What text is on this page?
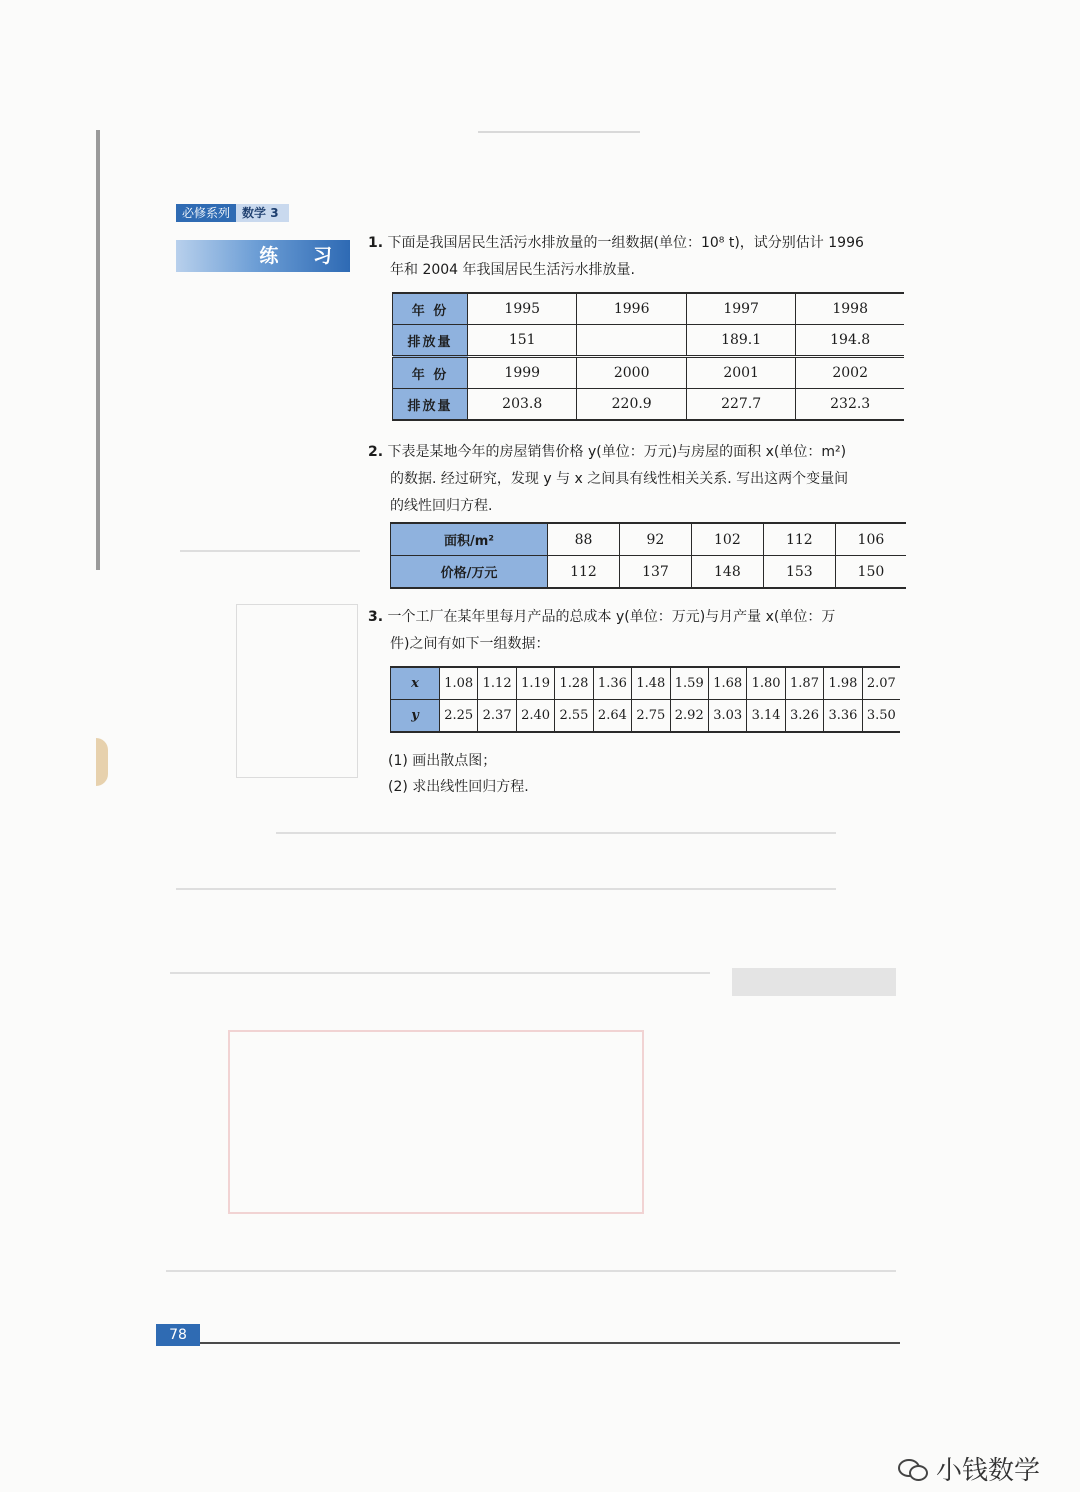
必修系列	数学 3
练 习
1. 下面是我国居民生活污水排放量的一组数据(单位：10⁸ t)，试分别估计 1996
年和 2004 年我国居民生活污水排放量.
年 份	1995	1996	1997	1998
排放量	151		189.1	194.8
年 份	1999	2000	2001	2002
排放量	203.8	220.9	227.7	232.3
2. 下表是某地今年的房屋销售价格 y(单位：万元)与房屋的面积 x(单位：m²)
的数据. 经过研究，发现 y 与 x 之间具有线性相关关系. 写出这两个变量间
的线性回归方程.
面积/m²	88	92	102	112	106
价格/万元	112	137	148	153	150
3. 一个工厂在某年里每月产品的总成本 y(单位：万元)与月产量 x(单位：万
件)之间有如下一组数据：
x	1.08	1.12	1.19	1.28	1.36	1.48	1.59	1.68	1.80	1.87	1.98	2.07
y	2.25	2.37	2.40	2.55	2.64	2.75	2.92	3.03	3.14	3.26	3.36	3.50
(1) 画出散点图；
(2) 求出线性回归方程.
78
小钱数学
